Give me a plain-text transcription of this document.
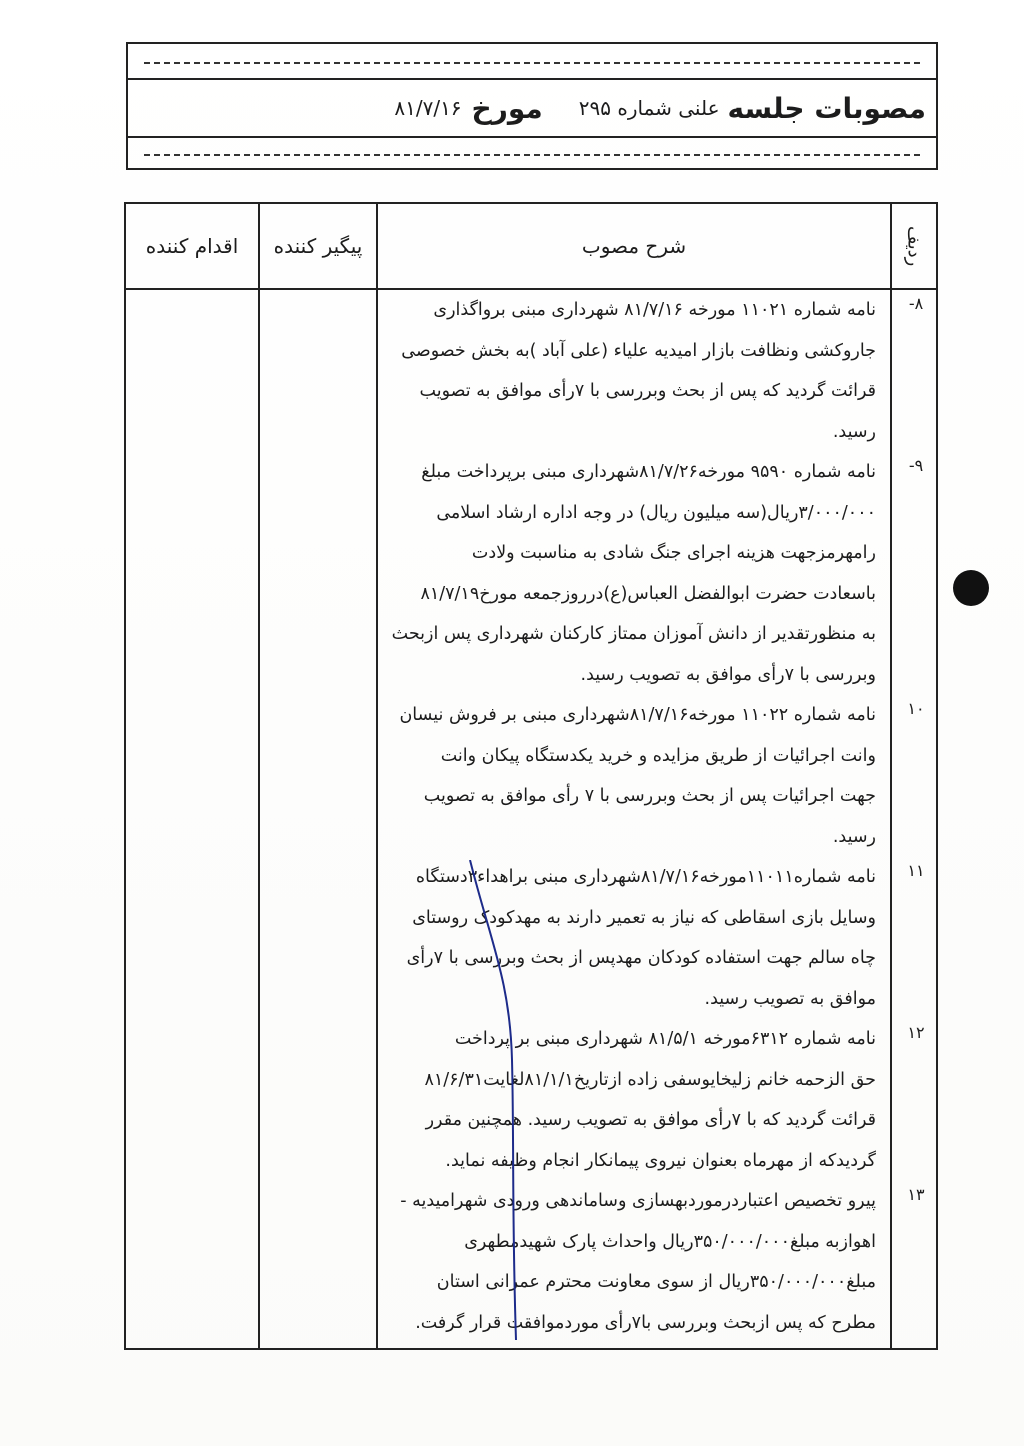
مصوبات جلسه
علنی شماره ۲۹۵
مورخ
۸۱/۷/۱۶
اقدام کننده	پیگیر کننده	شرح مصوب	ردیف
-۸

نامه شماره ۱۱۰۲۱ مورخه ۸۱/۷/۱۶ شهرداری مبنی برواگذاری

جاروکشی ونظافت بازار امیدیه علیاء (علی آباد )به بخش خصوصی

قرائت گردید که پس از بحث وبررسی با ۷رأی موافق به تصویب

رسید.

-۹

نامه شماره ۹۵۹۰ مورخه۸۱/۷/۲۶شهرداری مبنی برپرداخت مبلغ

۳/۰۰۰/۰۰۰ریال(سه میلیون ریال) در وجه اداره ارشاد اسلامی

رامهرمزجهت هزینه اجرای جنگ شادی به مناسبت ولادت

باسعادت حضرت ابوالفضل العباس(ع)درروزجمعه مورخ۸۱/۷/۱۹

به منظورتقدیر از دانش آموزان ممتاز کارکنان شهرداری پس ازبحث

وبررسی با ۷رأی موافق به تصویب رسید.

۱۰

نامه شماره ۱۱۰۲۲ مورخه۸۱/۷/۱۶شهرداری مبنی بر فروش نیسان

وانت اجرائیات از طریق مزایده و خرید یکدستگاه پیکان وانت

جهت اجرائیات پس از بحث وبررسی با ۷ رأی موافق به تصویب

رسید.

۱۱

نامه شماره۱۱۰۱۱مورخه۸۱/۷/۱۶شهرداری مبنی براهداء۳دستگاه

وسایل بازی اسقاطی که نیاز به تعمیر دارند به مهدکودک روستای

چاه سالم جهت استفاده کودکان مهدپس از بحث وبررسی با ۷رأی

موافق به تصویب رسید.

۱۲

نامه شماره ۶۳۱۲مورخه ۸۱/۵/۱ شهرداری مبنی بر پرداخت

حق الزحمه خانم زلیخایوسفی زاده ازتاریخ۸۱/۱/۱لغایت۸۱/۶/۳۱

قرائت گردید که با ۷رأی موافق به تصویب رسید. همچنین مقرر

گردیدکه از مهرماه بعنوان نیروی پیمانکار انجام وظیفه نماید.

۱۳

پیرو تخصیص اعتباردرموردبهسازی وساماندهی ورودی شهرامیدیه -

اهوازبه مبلغ۳۵۰/۰۰۰/۰۰۰ریال واحداث پارک شهیدمطهری

مبلغ۳۵۰/۰۰۰/۰۰۰ریال از سوی معاونت محترم عمرانی استان

مطرح که پس ازبحث وبررسی با۷رأی موردموافقت قرار گرفت.
